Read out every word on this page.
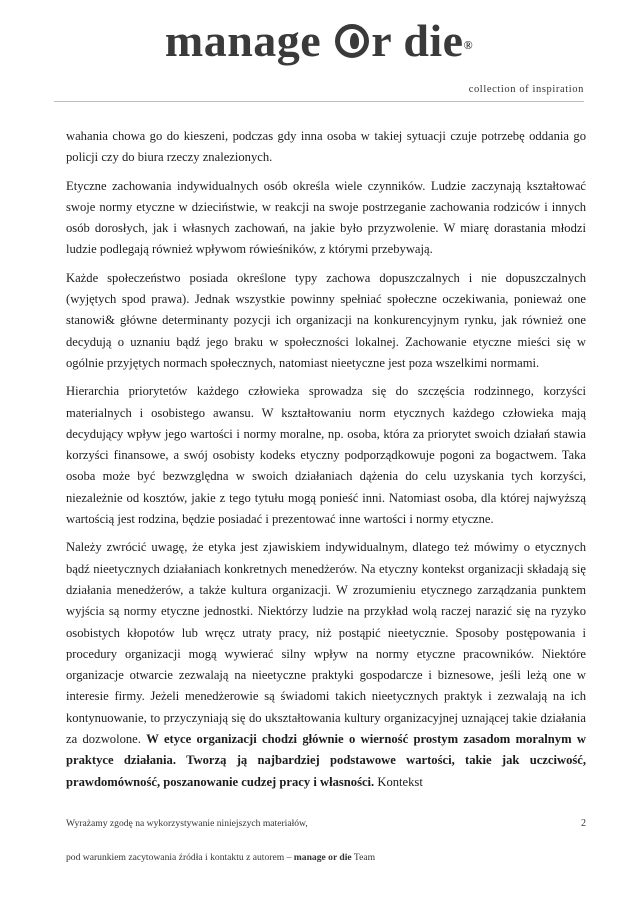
manage r die®
collection of inspiration

wahania chowa go do kieszeni, podczas gdy inna osoba w takiej sytuacji czuje potrzebę oddania go policji czy do biura rzeczy znalezionych.

Etyczne zachowania indywidualnych osób określa wiele czynników. Ludzie zaczynają kształtować swoje normy etyczne w dzieciństwie, w reakcji na swoje postrzeganie zachowania rodziców i innych osób dorosłych, jak i własnych zachowań, na jakie było przyzwolenie. W miarę dorastania młodzi ludzie podlegają również wpływom rówieśników, z którymi przebywają.

Każde społeczeństwo posiada określone typy zachowa dopuszczalnych i nie dopuszczalnych (wyjętych spod prawa). Jednak wszystkie powinny spełniać społeczne oczekiwania, ponieważ one stanowi& główne determinanty pozycji ich organizacji na konkurencyjnym rynku, jak również one decydują o uznaniu bądź jego braku w społeczności lokalnej. Zachowanie etyczne mieści się w ogólnie przyjętych normach społecznych, natomiast nieetyczne jest poza wszelkimi normami.

Hierarchia priorytetów każdego człowieka sprowadza się do szczęścia rodzinnego, korzyści materialnych i osobistego awansu. W kształtowaniu norm etycznych każdego człowieka mają decydujący wpływ jego wartości i normy moralne, np. osoba, która za priorytet swoich działań stawia korzyści finansowe, a swój osobisty kodeks etyczny podporządkowuje pogoni za bogactwem. Taka osoba może być bezwzględna w swoich działaniach dążenia do celu uzyskania tych korzyści, niezależnie od kosztów, jakie z tego tytułu mogą ponieść inni. Natomiast osoba, dla której najwyższą wartością jest rodzina, będzie posiadać i prezentować inne wartości i normy etyczne.

Należy zwrócić uwagę, że etyka jest zjawiskiem indywidualnym, dlatego też mówimy o etycznych bądź nieetycznych działaniach konkretnych menedżerów. Na etyczny kontekst organizacji składają się działania menedżerów, a także kultura organizacji. W zrozumieniu etycznego zarządzania punktem wyjścia są normy etyczne jednostki. Niektórzy ludzie na przykład wolą raczej narazić się na ryzyko osobistych kłopotów lub wręcz utraty pracy, niż postąpić nieetycznie. Sposoby postępowania i procedury organizacji mogą wywierać silny wpływ na normy etyczne pracowników. Niektóre organizacje otwarcie zezwalają na nieetyczne praktyki gospodarcze i biznesowe, jeśli leżą one w interesie firmy. Jeżeli menedżerowie są świadomi takich nieetycznych praktyk i zezwalają na ich kontynuowanie, to przyczyniają się do ukształtowania kultury organizacyjnej uznającej takie działania za dozwolone. W etyce organizacji chodzi głównie o wierność prostym zasadom moralnym w praktyce działania. Tworzą ją najbardziej podstawowe wartości, takie jak uczciwość, prawdomówność, poszanowanie cudzej pracy i własności. Kontekst

Wyrażamy zgodę na wykorzystywanie niniejszych materiałów,	2
pod warunkiem zacytowania źródła i kontaktu z autorem – manage or die Team
